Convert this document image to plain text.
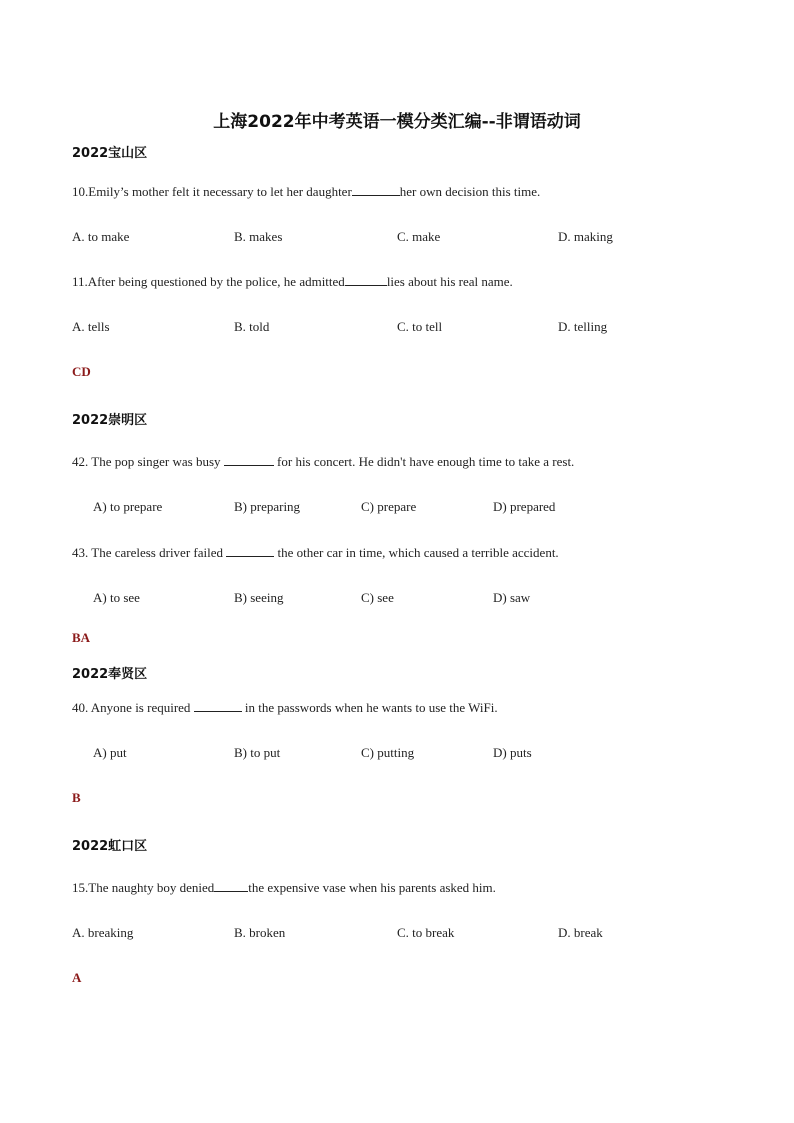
上海2022年中考英语一模分类汇编--非谓语动词
2022宝山区
10.Emily’s mother felt it necessary to let her daughter	her own decision this time.
A. to make	B. makes	C. make	D. making
11.After being questioned by the police, he admitted	lies about his real name.
A. tells	B. told	C. to tell	D. telling
CD
2022崇明区
42. The pop singer was busy	for his concert. He didn't have enough time to take a rest.
A) to prepare	B) preparing	C) prepare	D) prepared
43. The careless driver failed	the other car in time, which caused a terrible accident.
A) to see	B) seeing	C) see	D) saw
BA
2022奉贤区
40. Anyone is required	in the passwords when he wants to use the WiFi.
A) put	B) to put	C) putting	D) puts
B
2022虹口区
15.The naughty boy denied	the expensive vase when his parents asked him.
A. breaking	B. broken	C. to break	D. break
A
